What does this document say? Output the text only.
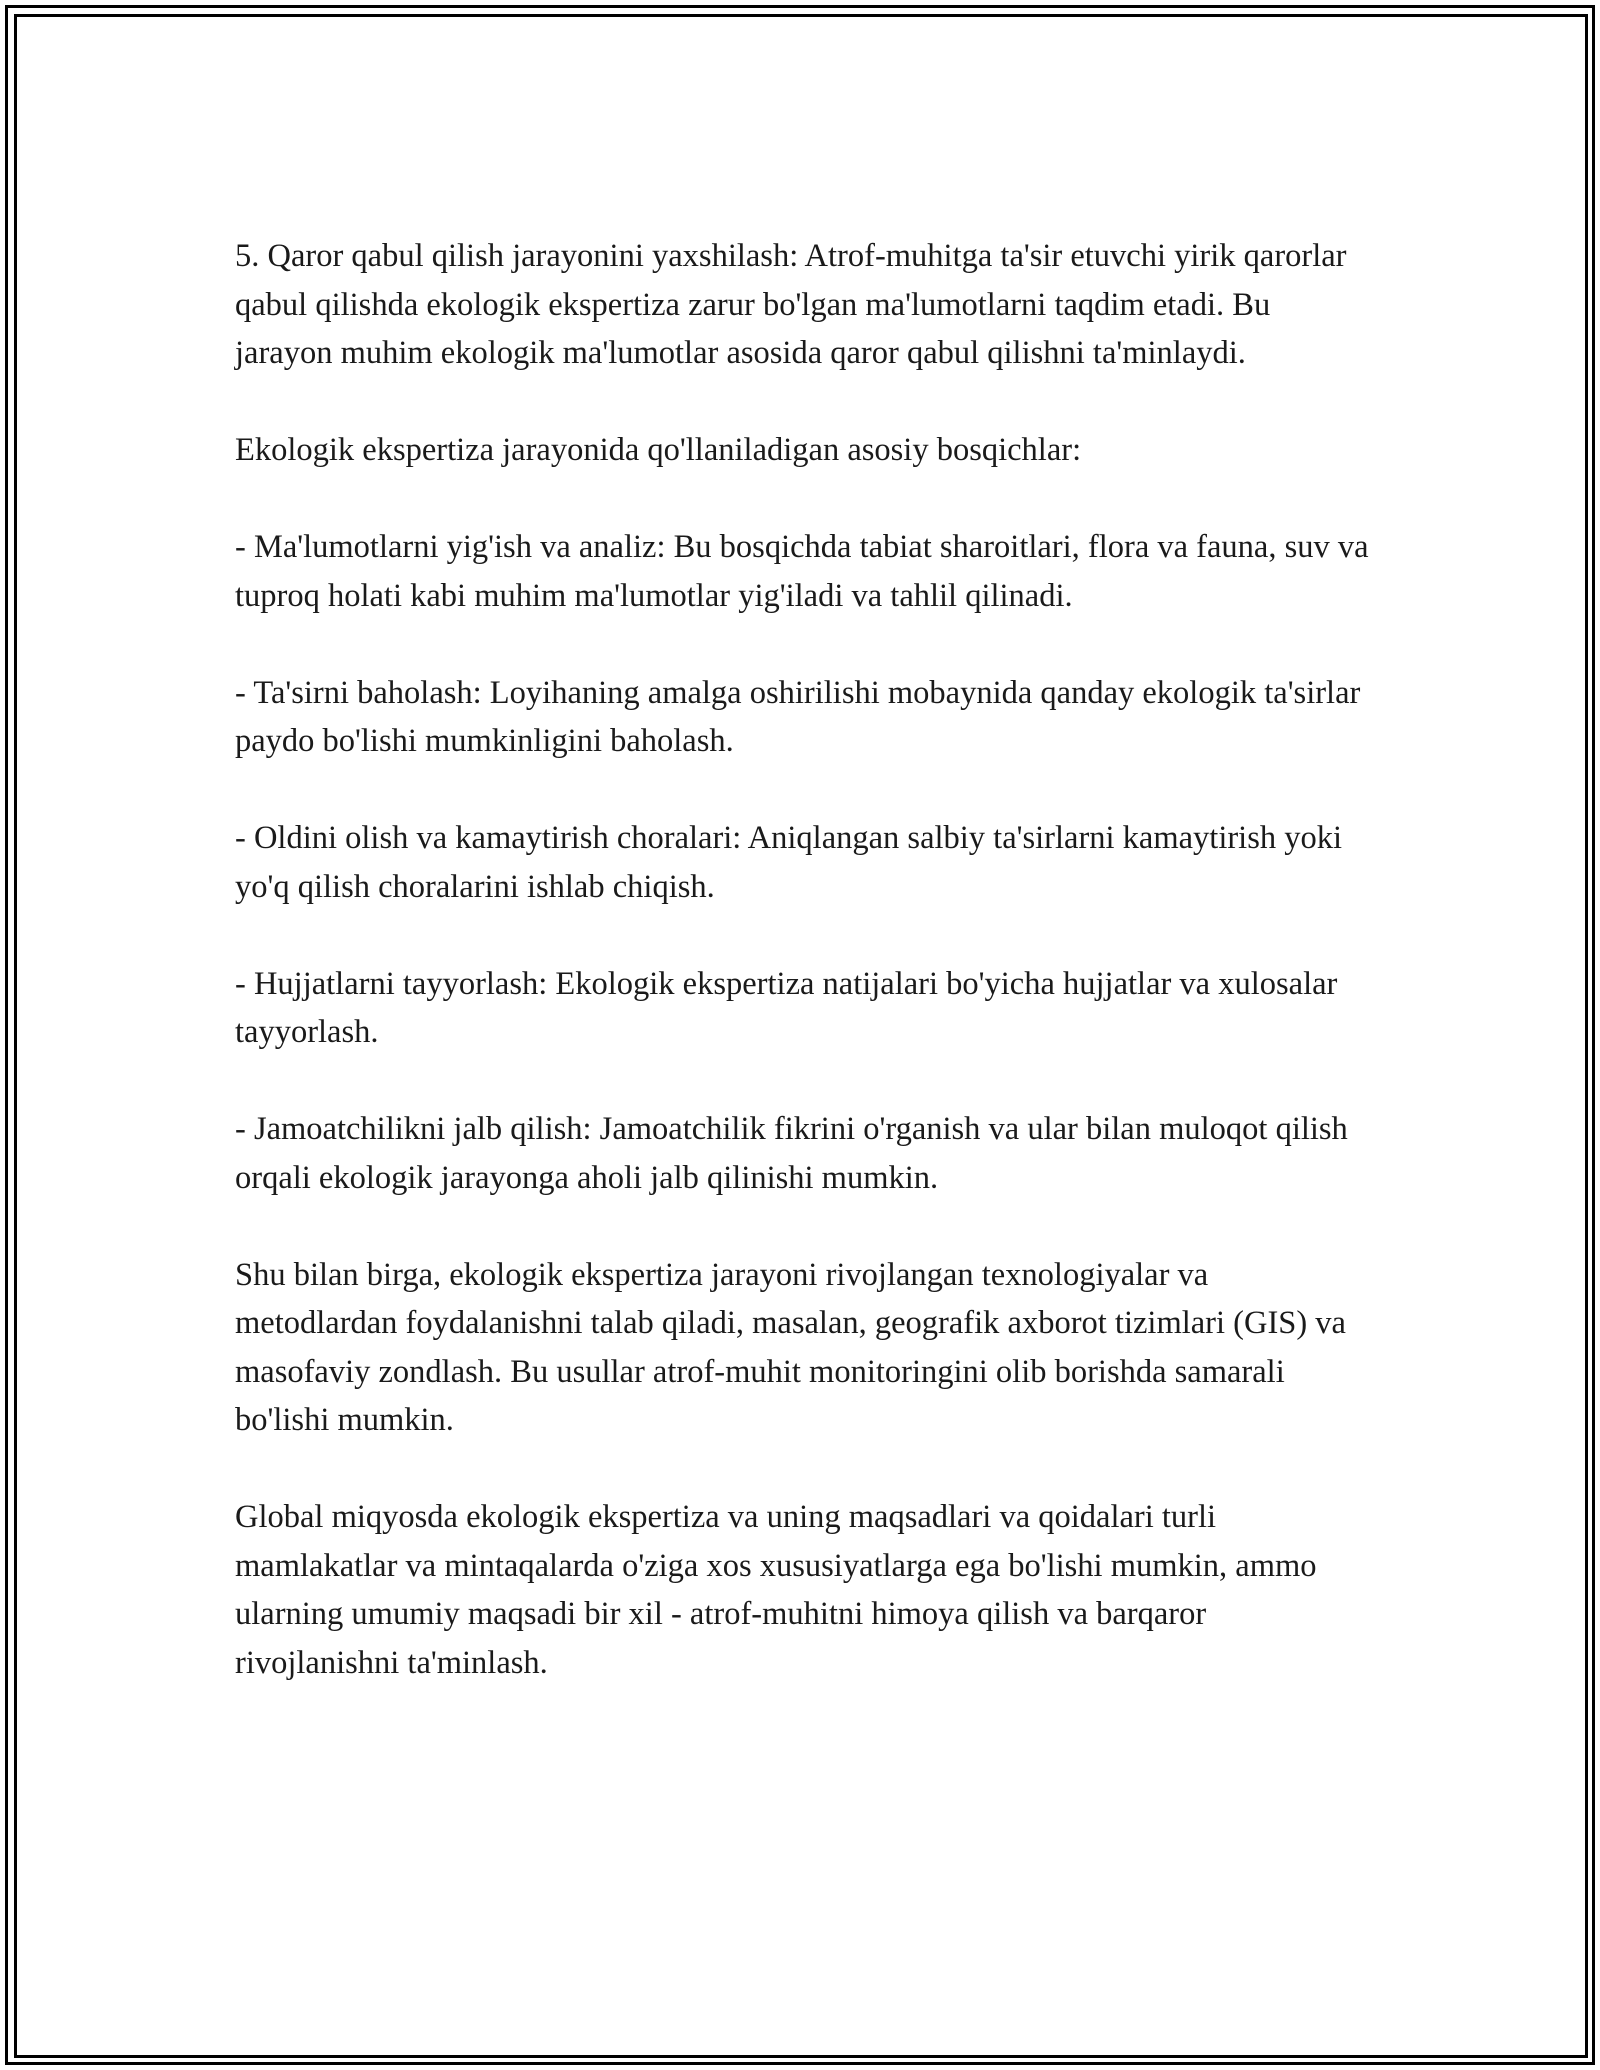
5. Qaror qabul qilish jarayonini yaxshilash: Atrof-muhitga ta'sir etuvchi yirik qarorlar qabul qilishda ekologik ekspertiza zarur bo'lgan ma'lumotlarni taqdim etadi. Bu jarayon muhim ekologik ma'lumotlar asosida qaror qabul qilishni ta'minlaydi.

Ekologik ekspertiza jarayonida qo'llaniladigan asosiy bosqichlar:

- Ma'lumotlarni yig'ish va analiz: Bu bosqichda tabiat sharoitlari, flora va fauna, suv va tuproq holati kabi muhim ma'lumotlar yig'iladi va tahlil qilinadi.

- Ta'sirni baholash: Loyihaning amalga oshirilishi mobaynida qanday ekologik ta'sirlar paydo bo'lishi mumkinligini baholash.

- Oldini olish va kamaytirish choralari: Aniqlangan salbiy ta'sirlarni kamaytirish yoki yo'q qilish choralarini ishlab chiqish.

- Hujjatlarni tayyorlash: Ekologik ekspertiza natijalari bo'yicha hujjatlar va xulosalar tayyorlash.

- Jamoatchilikni jalb qilish: Jamoatchilik fikrini o'rganish va ular bilan muloqot qilish orqali ekologik jarayonga aholi jalb qilinishi mumkin.

Shu bilan birga, ekologik ekspertiza jarayoni rivojlangan texnologiyalar va metodlardan foydalanishni talab qiladi, masalan, geografik axborot tizimlari (GIS) va masofaviy zondlash. Bu usullar atrof-muhit monitoringini olib borishda samarali bo'lishi mumkin.

Global miqyosda ekologik ekspertiza va uning maqsadlari va qoidalari turli mamlakatlar va mintaqalarda o'ziga xos xususiyatlarga ega bo'lishi mumkin, ammo ularning umumiy maqsadi bir xil - atrof-muhitni himoya qilish va barqaror rivojlanishni ta'minlash.
